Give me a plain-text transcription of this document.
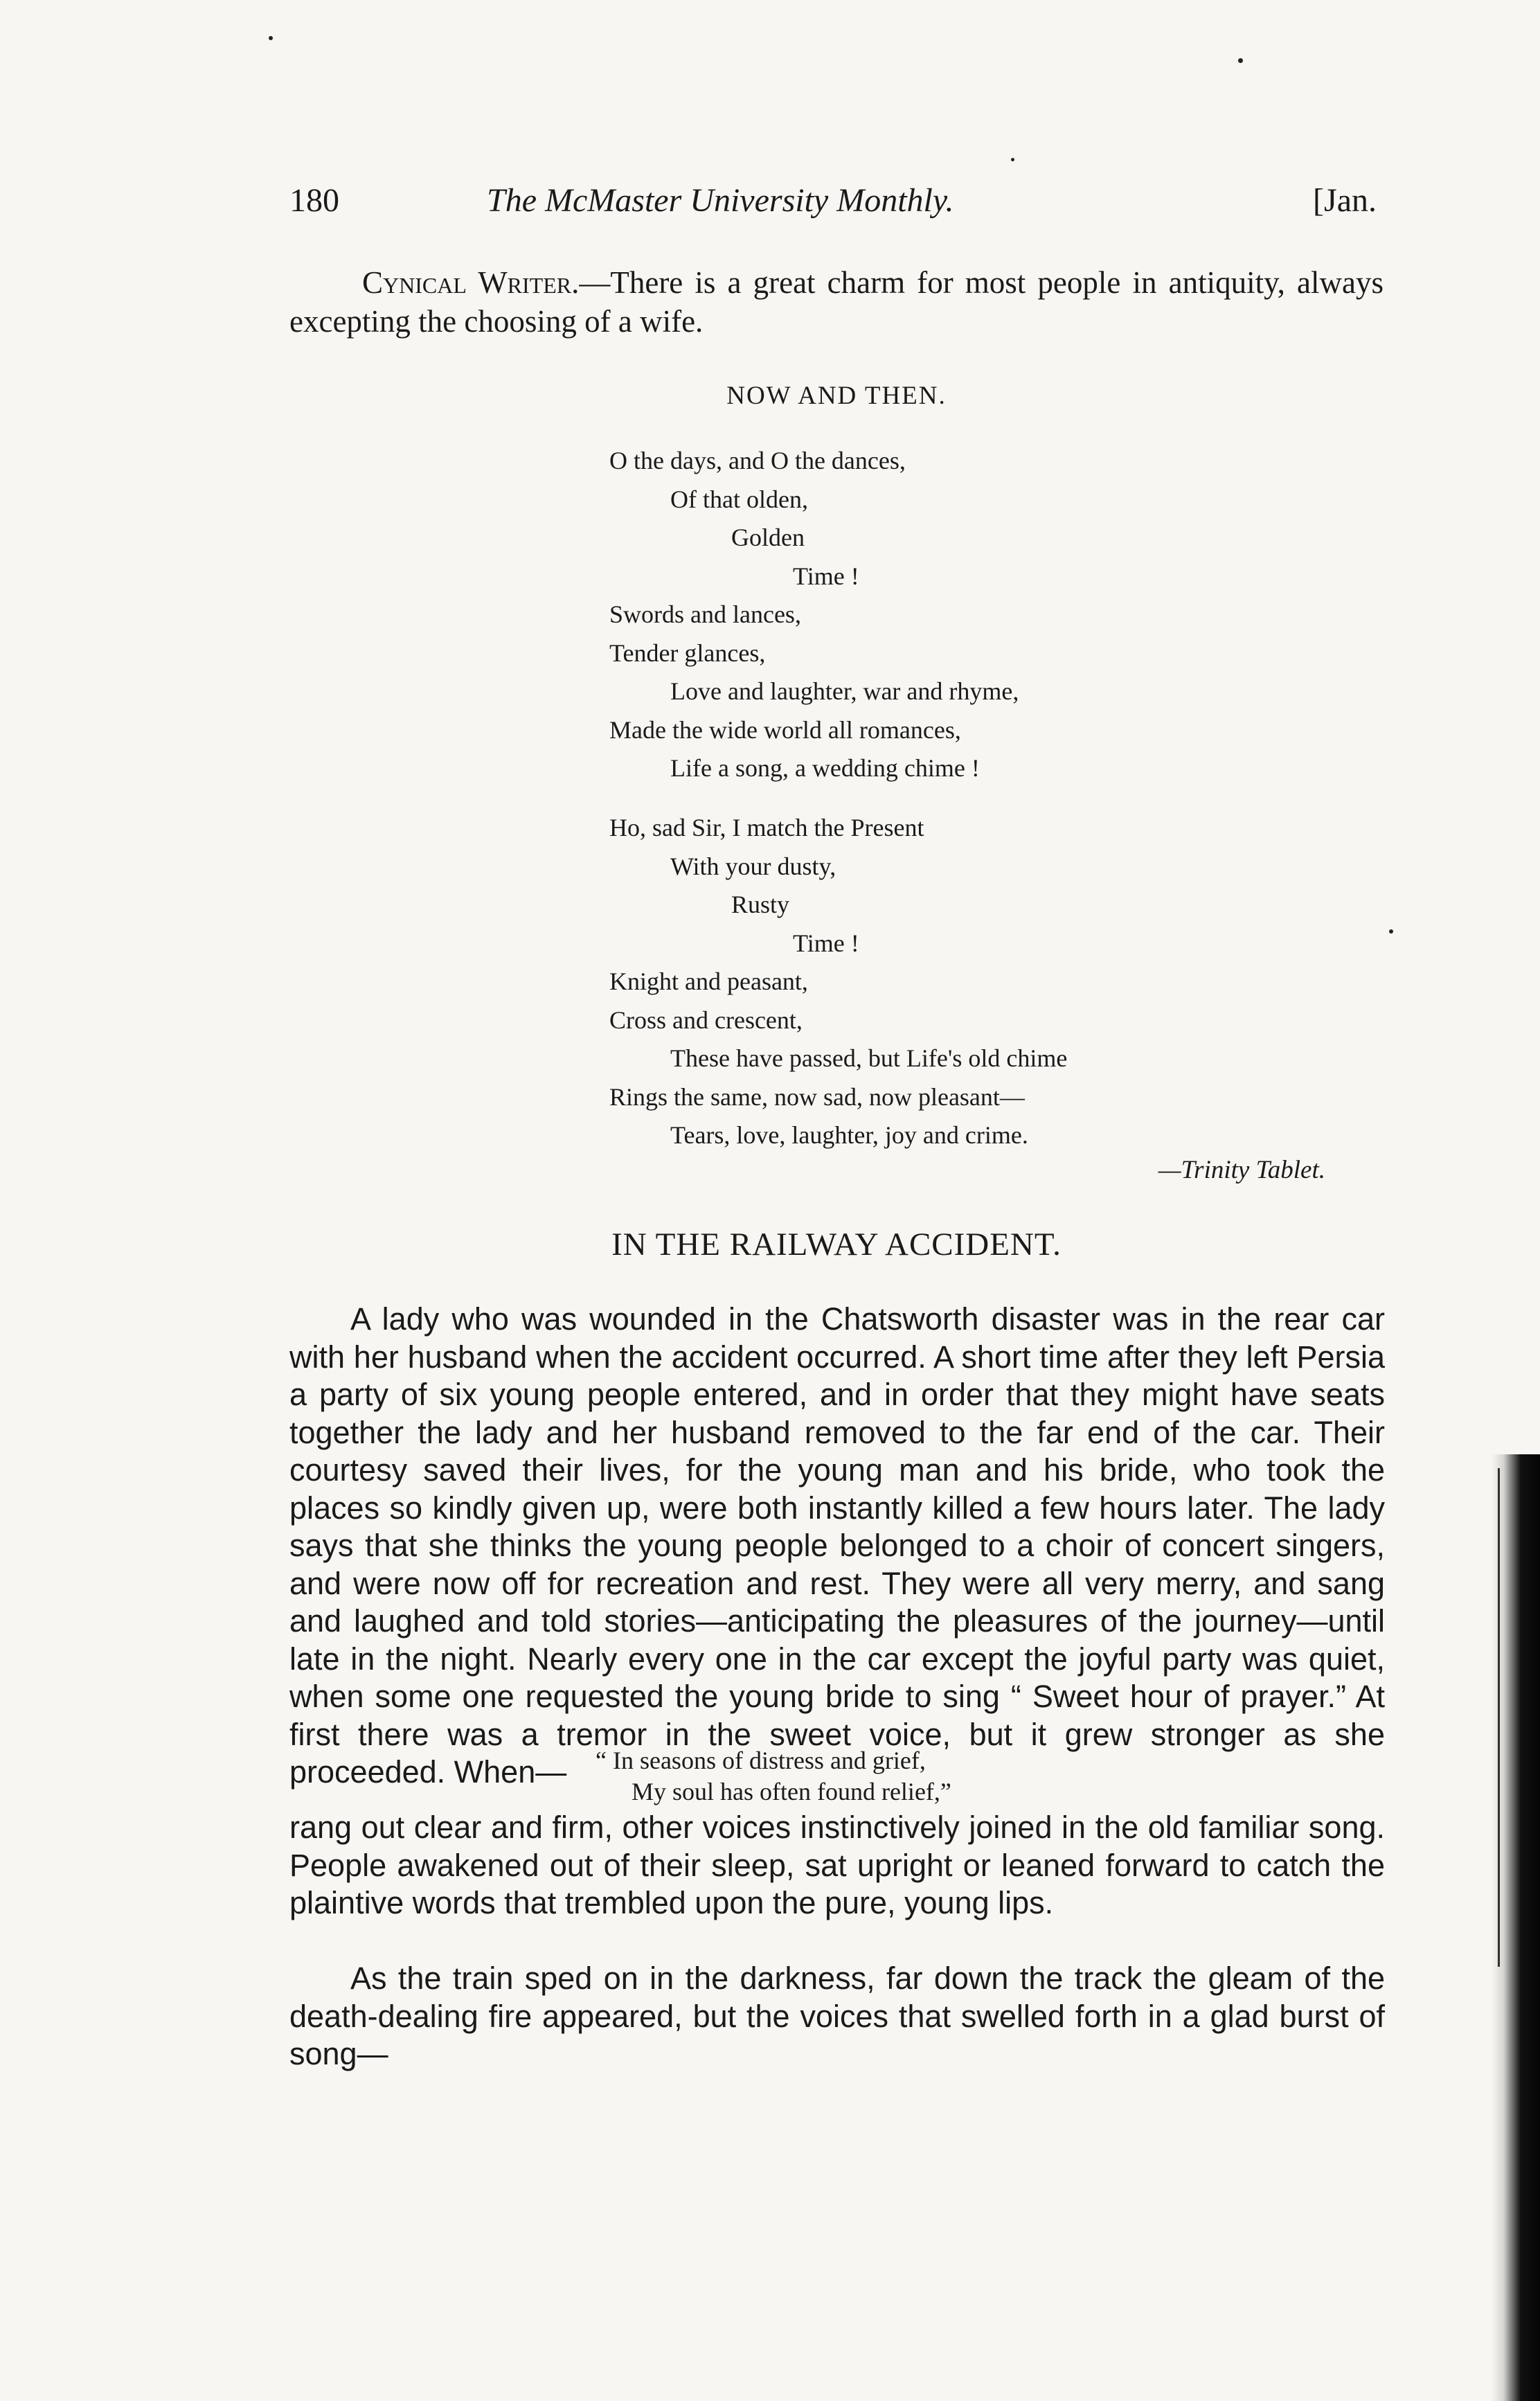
180	The McMaster University Monthly.	[Jan.
Cynical Writer.—There is a great charm for most people in antiquity, always excepting the choosing of a wife.
NOW AND THEN.
O the days, and O the dances,
Of that olden,
Golden
Time !
Swords and lances,
Tender glances,
Love and laughter, war and rhyme,
Made the wide world all romances,
Life a song, a wedding chime !
Ho, sad Sir, I match the Present
With your dusty,
Rusty
Time !
Knight and peasant,
Cross and crescent,
These have passed, but Life's old chime
Rings the same, now sad, now pleasant—
Tears, love, laughter, joy and crime.
—Trinity Tablet.
IN THE RAILWAY ACCIDENT.
A lady who was wounded in the Chatsworth disaster was in the rear car with her husband when the accident occurred. A short time after they left Persia a party of six young people entered, and in order that they might have seats together the lady and her husband removed to the far end of the car. Their courtesy saved their lives, for the young man and his bride, who took the places so kindly given up, were both instantly killed a few hours later. The lady says that she thinks the young people belonged to a choir of concert singers, and were now off for recreation and rest. They were all very merry, and sang and laughed and told stories—anticipating the pleasures of the journey—until late in the night. Nearly every one in the car except the joyful party was quiet, when some one requested the young bride to sing “ Sweet hour of prayer.” At first there was a tremor in the sweet voice, but it grew stronger as she proceeded. When—	“ In seasons of distress and grief,
My soul has often found relief,”
rang out clear and firm, other voices instinctively joined in the old familiar song. People awakened out of their sleep, sat upright or leaned forward to catch the plaintive words that trembled upon the pure, young lips.
As the train sped on in the darkness, far down the track the gleam of the death-dealing fire appeared, but the voices that swelled forth in a glad burst of song—
